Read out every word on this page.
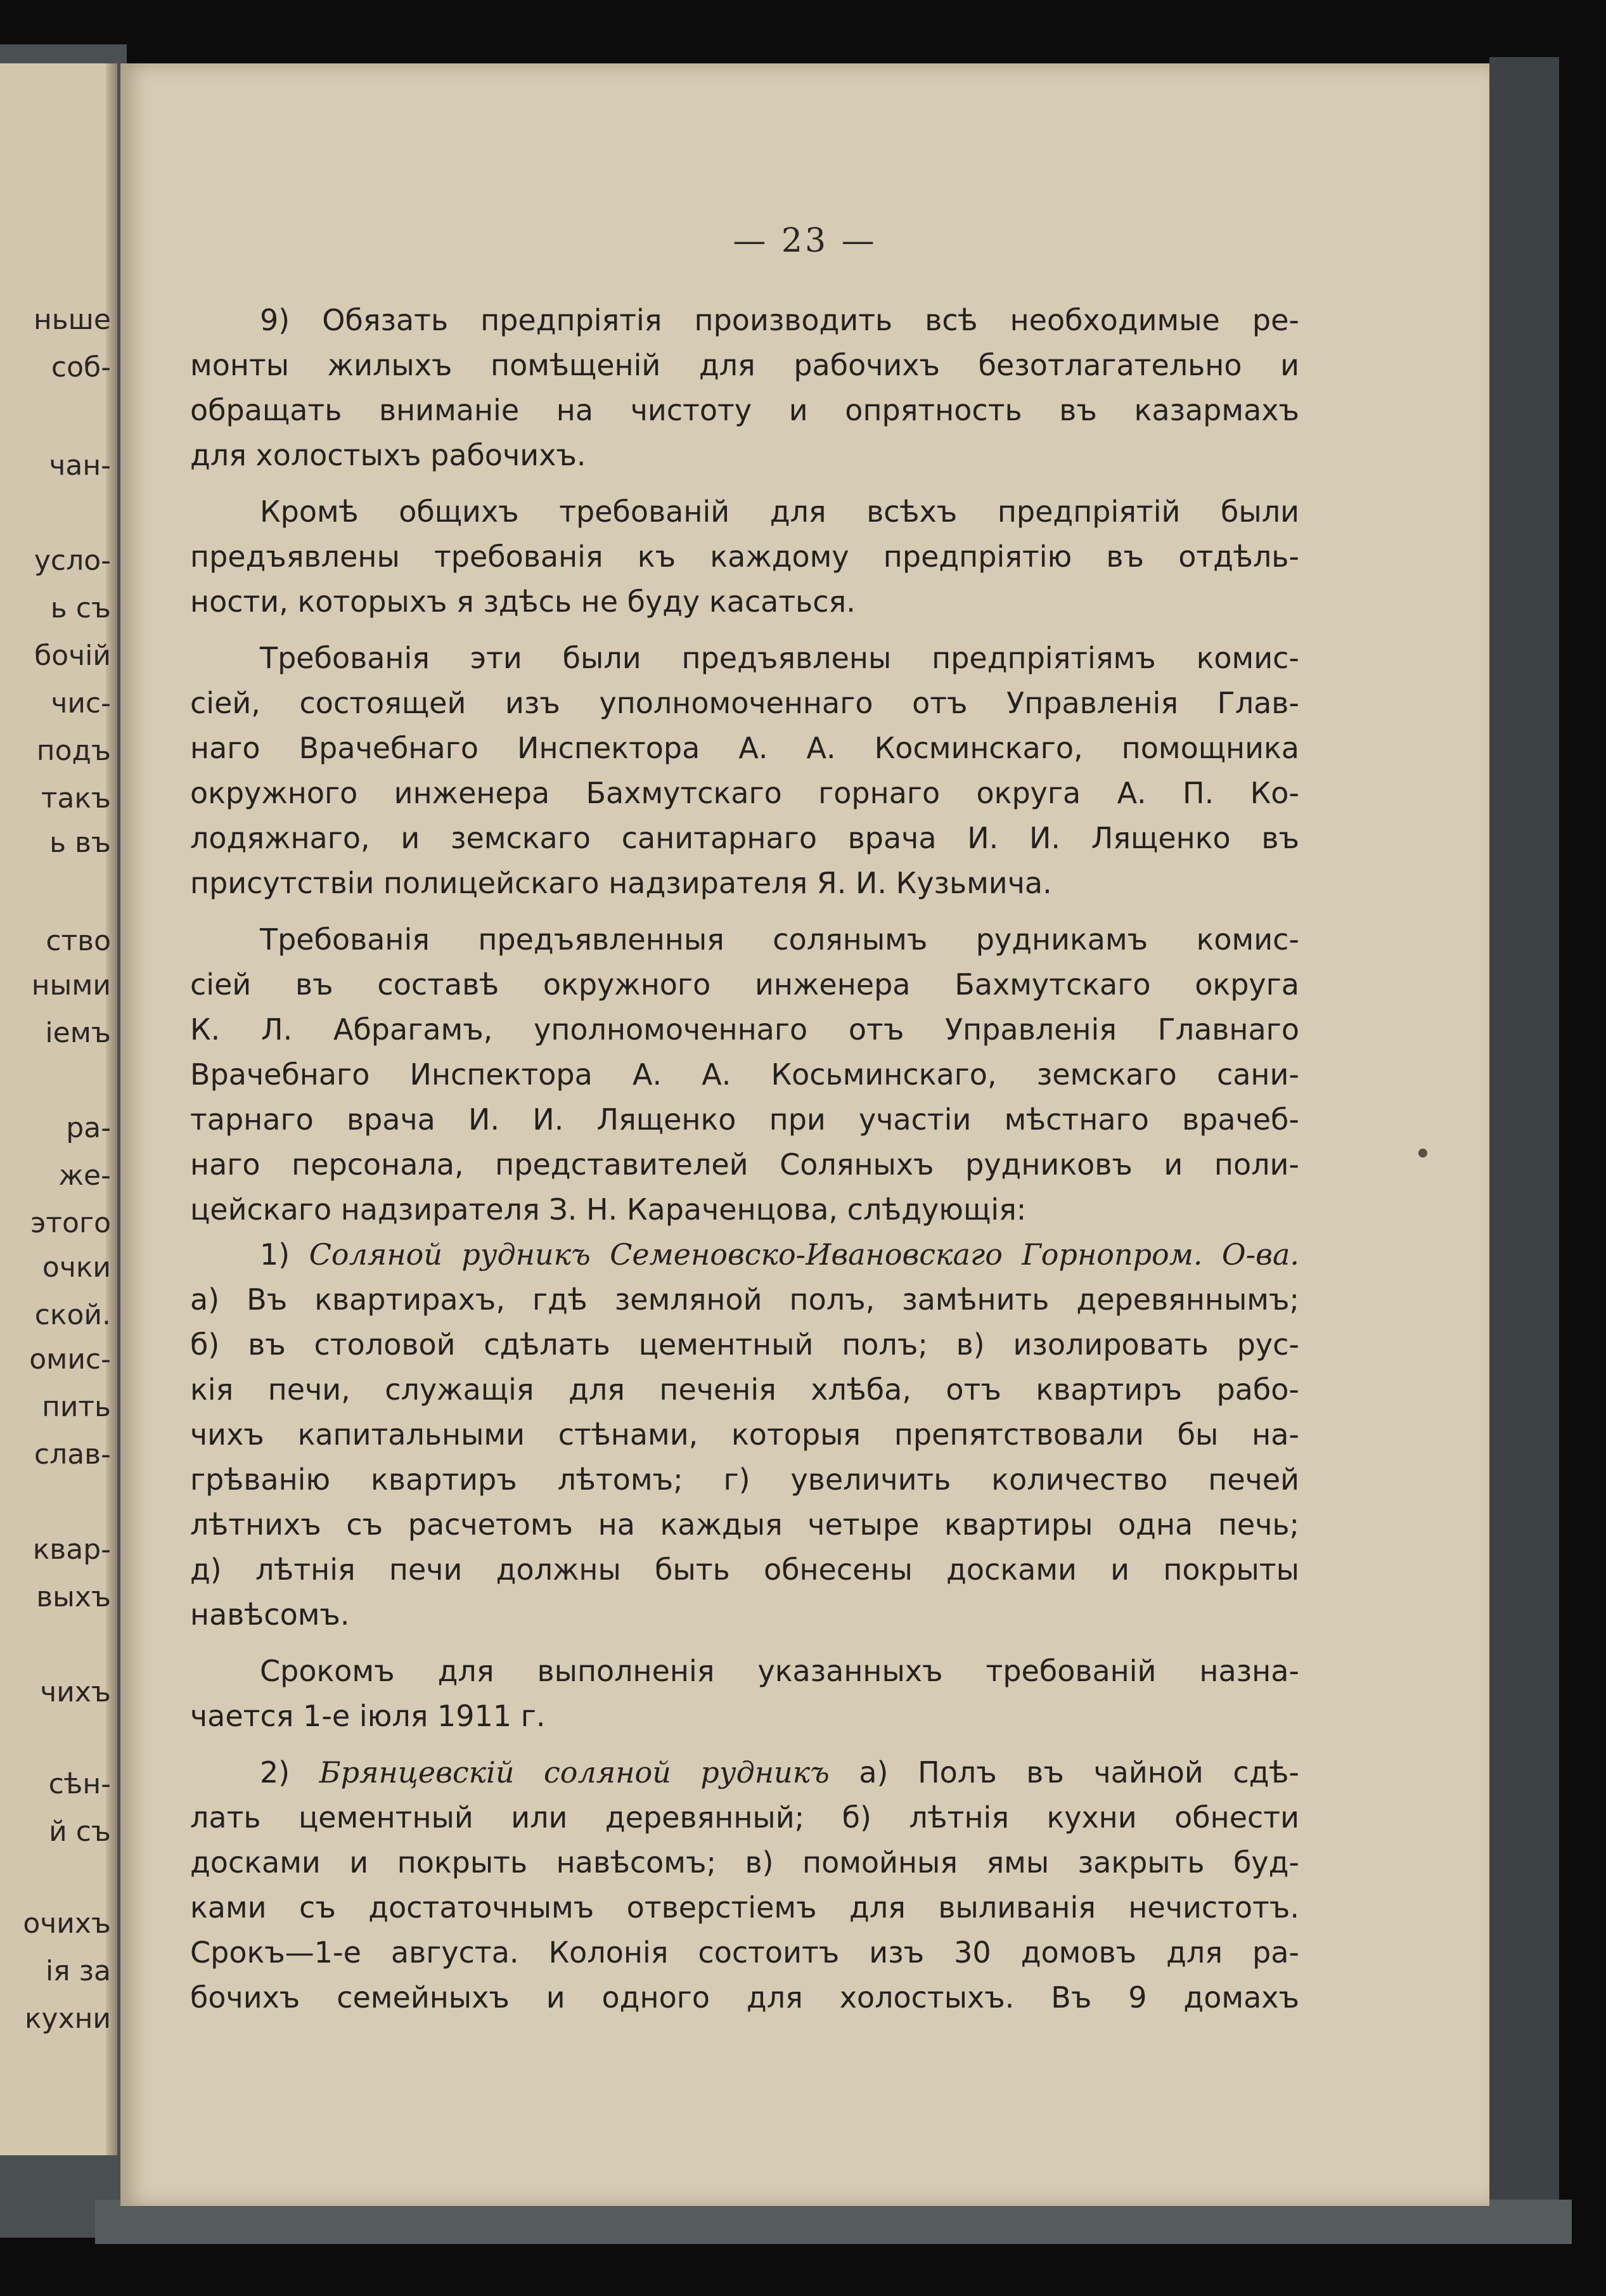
ньше
соб-
чан-
усло-
ь съ
бочій
чис-
подъ
такъ
ь въ
ство
ными
іемъ
ра-
же-
этого
очки
ской.
омис-
пить
слав-
квар-
выхъ
чихъ
сѣн-
й съ
очихъ
ія за
кухни
— 23 —
9) Обязать предпріятія производить всѣ необходимые ре-
монты жилыхъ помѣщеній для рабочихъ безотлагательно и
обращать вниманіе на чистоту и опрятность въ казармахъ
для холостыхъ рабочихъ.
Кромѣ общихъ требованій для всѣхъ предпріятій были
предъявлены требованія къ каждому предпріятію въ отдѣль-
ности, которыхъ я здѣсь не буду касаться.
Требованія эти были предъявлены предпріятіямъ комис-
сіей, состоящей изъ уполномоченнаго отъ Управленія Глав-
наго Врачебнаго Инспектора А. А. Косминскаго, помощника
окружного инженера Бахмутскаго горнаго округа А. П. Ко-
лодяжнаго, и земскаго санитарнаго врача И. И. Лященко въ
присутствіи полицейскаго надзирателя Я. И. Кузьмича.
Требованія предъявленныя солянымъ рудникамъ комис-
сіей въ составѣ окружного инженера Бахмутскаго округа
К. Л. Абрагамъ, уполномоченнаго отъ Управленія Главнаго
Врачебнаго Инспектора А. А. Косьминскаго, земскаго сани-
тарнаго врача И. И. Лященко при участіи мѣстнаго врачеб-
наго персонала, представителей Соляныхъ рудниковъ и поли-
цейскаго надзирателя З. Н. Караченцова, слѣдующія:
1) Соляной рудникъ Семеновско-Ивановскаго Горнопром. О-ва.
а) Въ квартирахъ, гдѣ земляной полъ, замѣнить деревяннымъ;
б) въ столовой сдѣлать цементный полъ; в) изолировать рус-
кія печи, служащія для печенія хлѣба, отъ квартиръ рабо-
чихъ капитальными стѣнами, которыя препятствовали бы на-
грѣванію квартиръ лѣтомъ; г) увеличить количество печей
лѣтнихъ съ расчетомъ на каждыя четыре квартиры одна печь;
д) лѣтнія печи должны быть обнесены досками и покрыты
навѣсомъ.
Срокомъ для выполненія указанныхъ требованій назна-
чается 1-е іюля 1911 г.
2) Брянцевскій соляной рудникъ а) Полъ въ чайной сдѣ-
лать цементный или деревянный; б) лѣтнія кухни обнести
досками и покрыть навѣсомъ; в) помойныя ямы закрыть буд-
ками съ достаточнымъ отверстіемъ для выливанія нечистотъ.
Срокъ—1-е августа. Колонія состоитъ изъ 30 домовъ для ра-
бочихъ семейныхъ и одного для холостыхъ. Въ 9 домахъ
